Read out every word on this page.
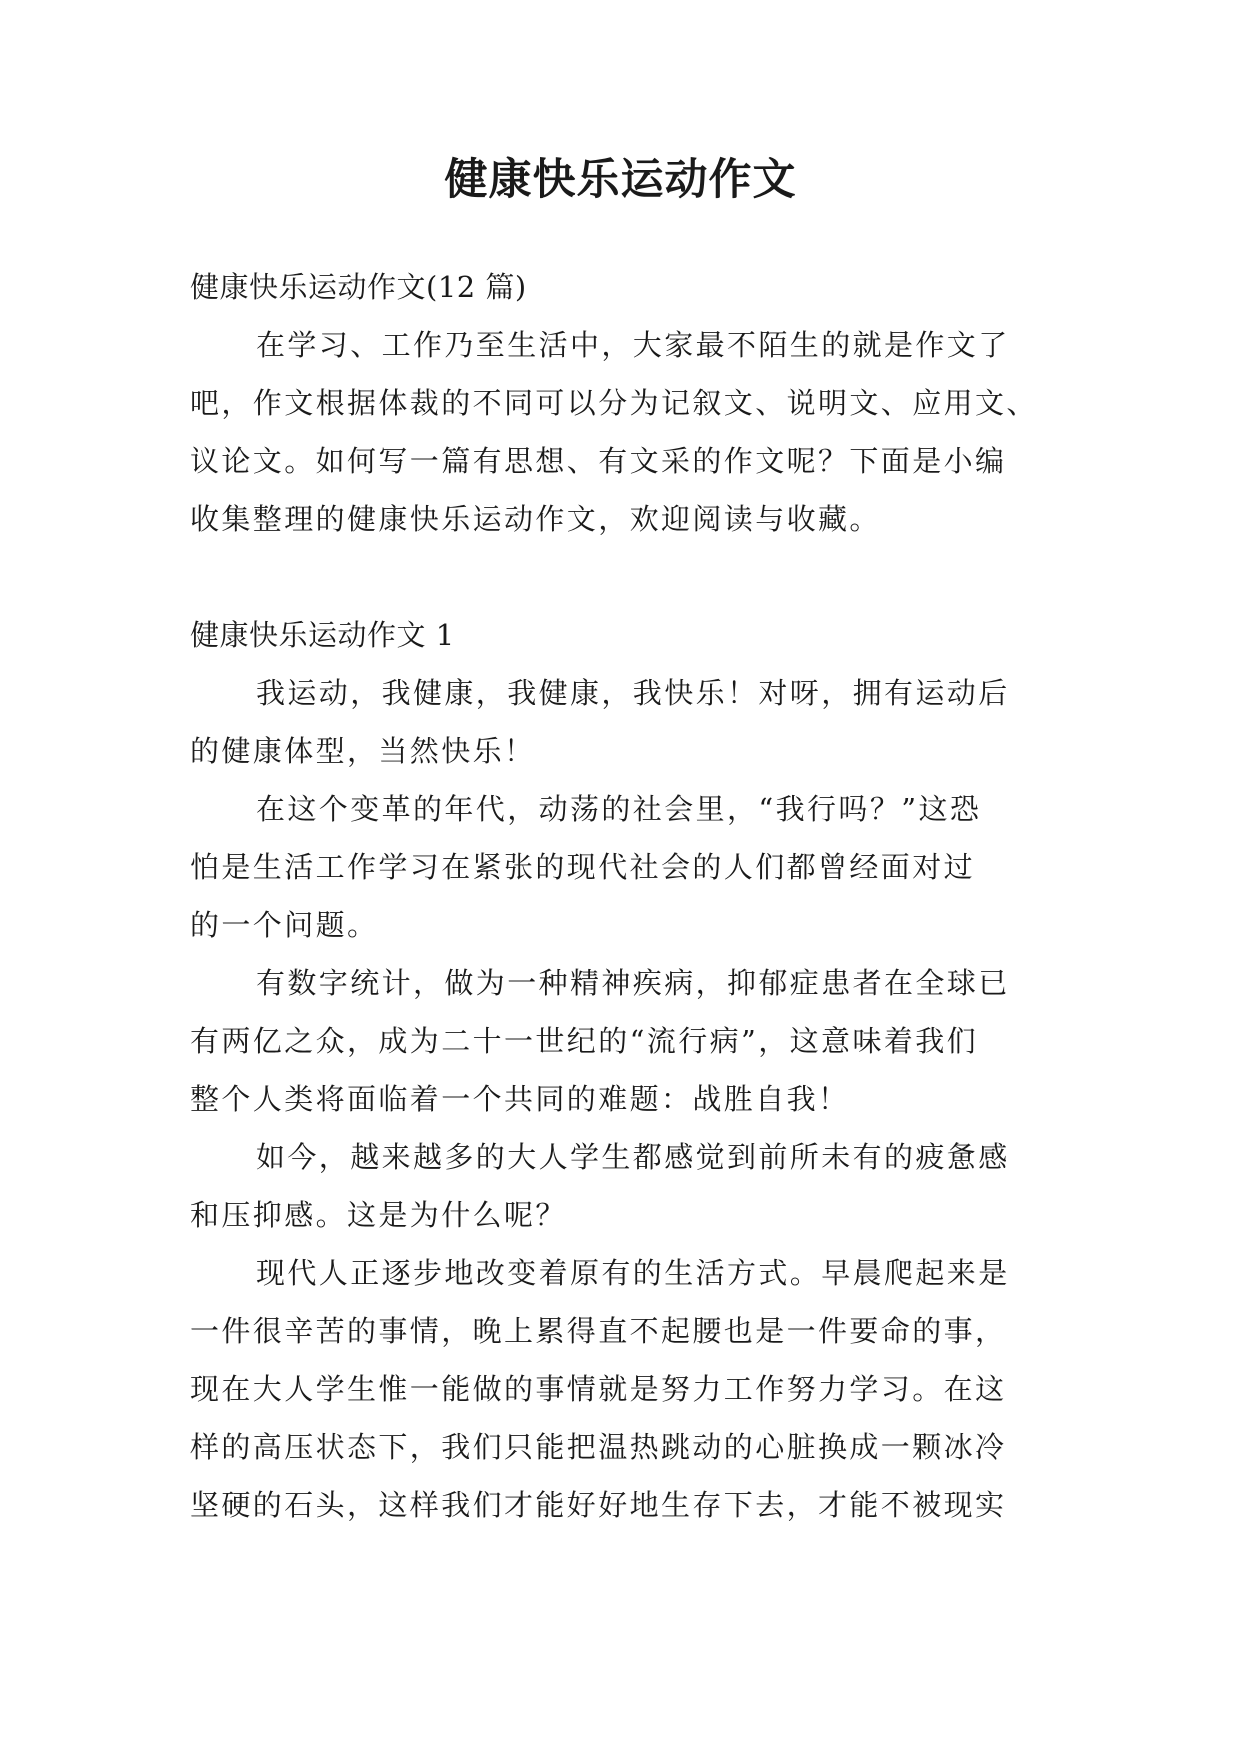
健康快乐运动作文
健康快乐运动作文(12 篇)
在学习、工作乃至生活中，大家最不陌生的就是作文了
吧，作文根据体裁的不同可以分为记叙文、说明文、应用文、
议论文。如何写一篇有思想、有文采的作文呢？下面是小编
收集整理的健康快乐运动作文，欢迎阅读与收藏。
健康快乐运动作文 1
我运动，我健康，我健康，我快乐！对呀，拥有运动后
的健康体型，当然快乐！
在这个变革的年代，动荡的社会里，“我行吗？”这恐
怕是生活工作学习在紧张的现代社会的人们都曾经面对过
的一个问题。
有数字统计，做为一种精神疾病，抑郁症患者在全球已
有两亿之众，成为二十一世纪的“流行病”，这意味着我们
整个人类将面临着一个共同的难题：战胜自我！
如今，越来越多的大人学生都感觉到前所未有的疲惫感
和压抑感。这是为什么呢？
现代人正逐步地改变着原有的生活方式。早晨爬起来是
一件很辛苦的事情，晚上累得直不起腰也是一件要命的事，
现在大人学生惟一能做的事情就是努力工作努力学习。在这
样的高压状态下，我们只能把温热跳动的心脏换成一颗冰冷
坚硬的石头，这样我们才能好好地生存下去，才能不被现实
